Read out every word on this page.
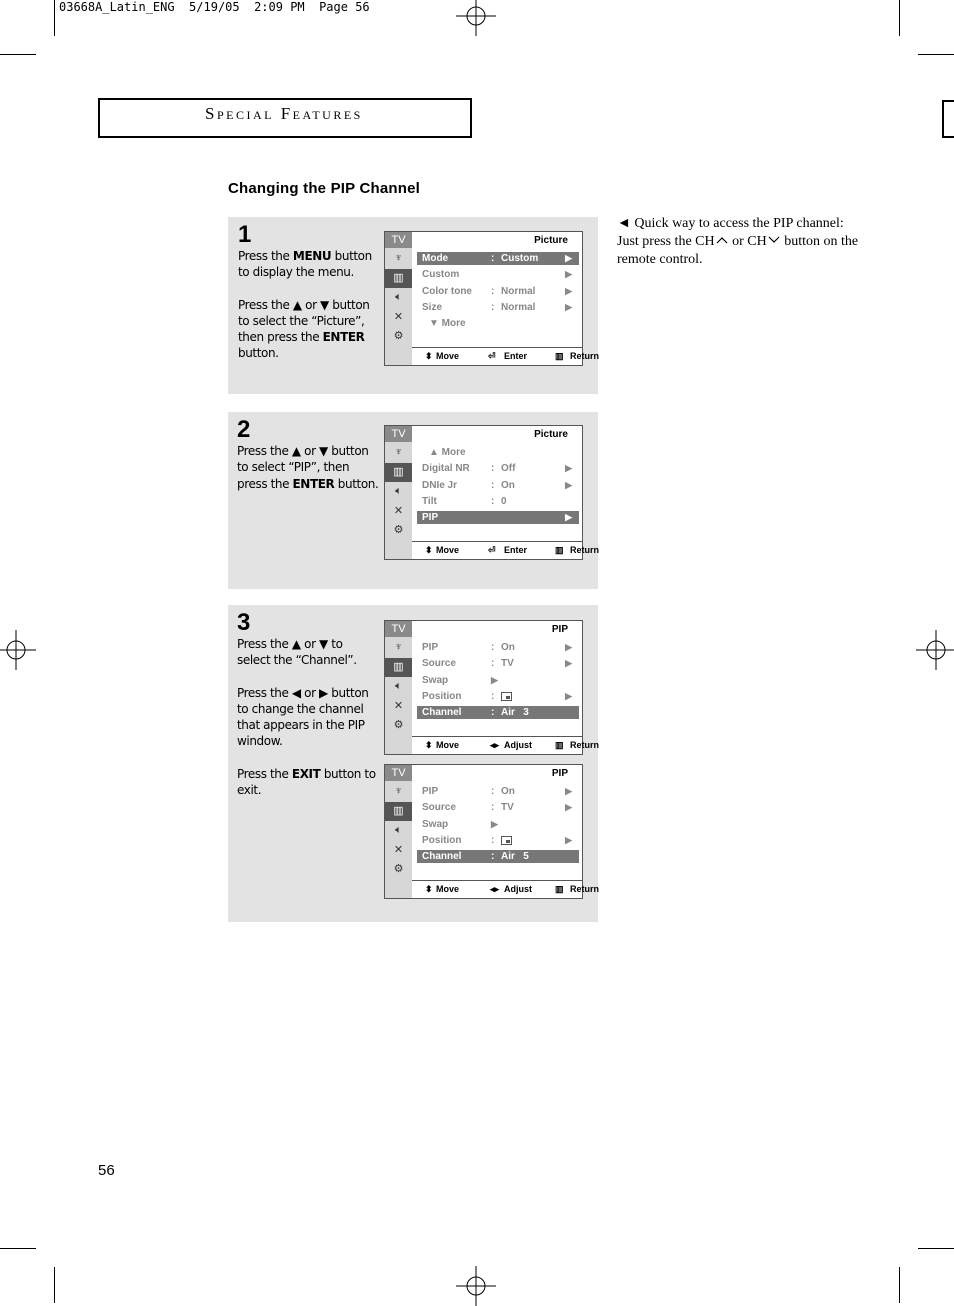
03668A_Latin_ENG  5/19/05  2:09 PM  Page 56
Special Features
Changing the PIP Channel
1
Press the MENU button to display the menu.
Press the ▲ or ▼ button to select the “Picture”, then press the ENTER button.
TV
♆
▥
🔈︎
✕
⚙︎
Picture
Mode	: Custom	▶
Custom	▶
Color tone : Normal	▶
Size	: Normal	▶
▼ More
⬍ Move	⏎ Enter	▥ Return
2
Press the ▲ or ▼ button to select “PIP”, then press the ENTER button.
TV
♆
▥
🔈︎
✕
⚙︎
Picture
▲ More
Digital NR : Off	▶
DNIe Jr	: On	▶
Tilt	: 0
PIP	▶
⬍ Move	⏎ Enter	▥ Return
3
Press the ▲ or ▼ to select the “Channel”.
Press the ◀ or ▶ button to change the channel that appears in the PIP window.
Press the EXIT button to exit.
TV
♆
▥
🔈︎
✕
⚙︎
PIP
PIP	: On	▶
Source	: TV	▶
Swap	▶
Position	:	▶
Channel	: Air   3
⬍ Move	◂▸ Adjust	▥ Return
TV
♆
▥
🔈︎
✕
⚙︎
PIP
PIP	: On	▶
Source	: TV	▶
Swap	▶
Position	:	▶
Channel	: Air   5
⬍ Move	◂▸ Adjust	▥ Return
◄ Quick way to access the PIP channel: Just press the CH or CH button on the remote control.
56
